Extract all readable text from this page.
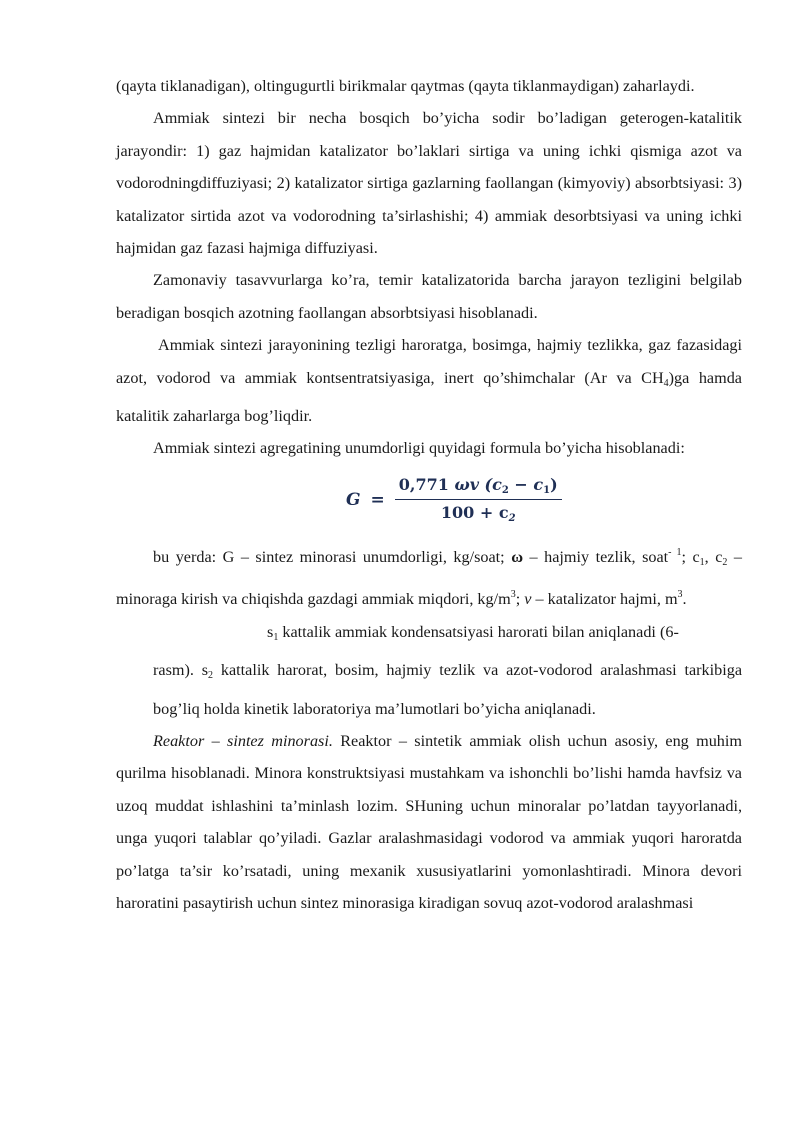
(qayta tiklanadigan), oltingugurtli birikmalar qaytmas (qayta tiklanmaydigan) zaharlaydi.

Ammiak sintezi bir necha bosqich bo’yicha sodir bo’ladigan geterogen-katalitik jarayondir: 1) gaz hajmidan katalizator bo’laklari sirtiga va uning ichki qismiga azot va vodorodningdiffuziyasi; 2) katalizator sirtiga gazlarning faollangan (kimyoviy) absorbtsiyasi: 3) katalizator sirtida azot va vodorodning ta’sirlashishi; 4) ammiak desorbtsiyasi va uning ichki hajmidan gaz fazasi hajmiga diffuziyasi.

Zamonaviy tasavvurlarga ko’ra, temir katalizatorida barcha jarayon tezligini belgilab beradigan bosqich azotning faollangan absorbtsiyasi hisoblanadi.

Ammiak sintezi jarayonining tezligi haroratga, bosimga, hajmiy tezlikka, gaz fazasidagi azot, vodorod va ammiak kontsentratsiyasiga, inert qo’shimchalar (Ar va $CH_4)ga$ hamda katalitik zaharlarga bog’liqdir.

Ammiak sintezi agregatining unumdorligi quyidagi formula bo’yicha hisoblanadi:

$G = \frac{0,771 \omega v (c_2 - c_1)}{100 + c_2}$

bu yerda: G – sintez minorasi unumdorligi, kg/soat; ω – hajmiy tezlik, soat$^{- 1}$; $c_1$, $c_2$ – minoraga kirish va chiqishda gazdagi ammiak miqdori, $kg/m^3$; v – katalizator hajmi, $m^3$.

$s_1$ kattalik ammiak kondensatsiyasi harorati bilan aniqlanadi (6-

rasm). $s_2$ kattalik harorat, bosim, hajmiy tezlik va azot-vodorod aralashmasi tarkibiga bog’liq holda kinetik laboratoriya ma’lumotlari bo’yicha aniqlanadi.

Reaktor – sintez minorasi. Reaktor – sintetik ammiak olish uchun asosiy, eng muhim qurilma hisoblanadi. Minora konstruktsiyasi mustahkam va ishonchli bo’lishi hamda havfsiz va uzoq muddat ishlashini ta’minlash lozim. SHuning uchun minoralar po’latdan tayyorlanadi, unga yuqori talablar qo’yiladi. Gazlar aralashmasidagi vodorod va ammiak yuqori haroratda po’latga ta’sir ko’rsatadi, uning mexanik xususiyatlarini yomonlashtiradi. Minora devori haroratini pasaytirish uchun sintez minorasiga kiradigan sovuq azot-vodorod aralashmasi
